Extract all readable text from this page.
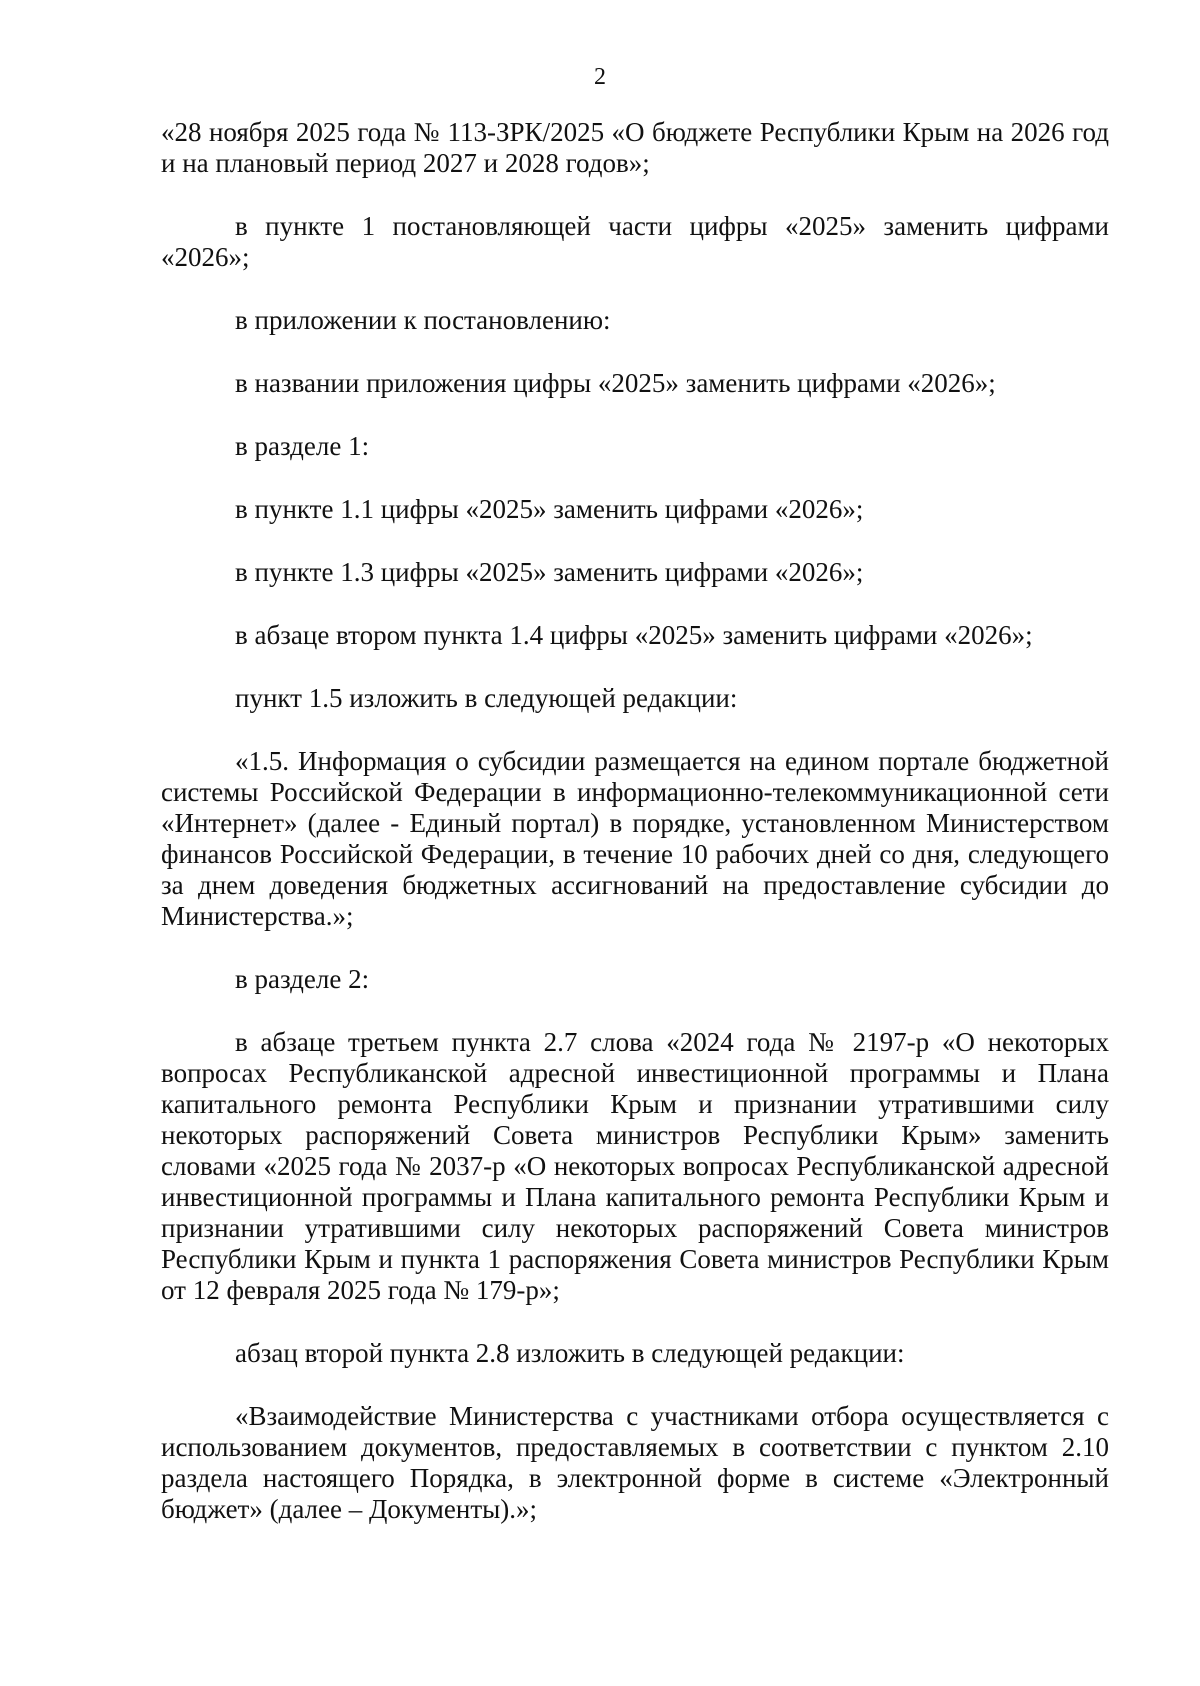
2

«28 ноября 2025 года № 113-ЗРК/2025 «О бюджете Республики Крым на 2026 год и на плановый период 2027 и 2028 годов»;

в пункте 1 постановляющей части цифры «2025» заменить цифрами «2026»;

в приложении к постановлению:

в названии приложения цифры «2025» заменить цифрами «2026»;

в разделе 1:

в пункте 1.1 цифры «2025» заменить цифрами «2026»;

в пункте 1.3 цифры «2025» заменить цифрами «2026»;

в абзаце втором пункта 1.4 цифры «2025» заменить цифрами «2026»;

пункт 1.5 изложить в следующей редакции:

«1.5. Информация о субсидии размещается на едином портале бюджетной системы Российской Федерации в информационно-телекоммуникационной сети «Интернет» (далее - Единый портал) в порядке, установленном Министерством финансов Российской Федерации, в течение 10 рабочих дней со дня, следующего за днем доведения бюджетных ассигнований на предоставление субсидии до Министерства.»;

в разделе 2:

в абзаце третьем пункта 2.7 слова «2024 года № 2197-р «О некоторых вопросах Республиканской адресной инвестиционной программы и Плана капитального ремонта Республики Крым и признании утратившими силу некоторых распоряжений Совета министров Республики Крым» заменить словами «2025 года № 2037-р «О некоторых вопросах Республиканской адресной инвестиционной программы и Плана капитального ремонта Республики Крым и признании утратившими силу некоторых распоряжений Совета министров Республики Крым и пункта 1 распоряжения Совета министров Республики Крым от 12 февраля 2025 года № 179-р»;

абзац второй пункта 2.8 изложить в следующей редакции:

«Взаимодействие Министерства с участниками отбора осуществляется с использованием документов, предоставляемых в соответствии с пунктом 2.10 раздела настоящего Порядка, в электронной форме в системе «Электронный бюджет» (далее – Документы).»;
